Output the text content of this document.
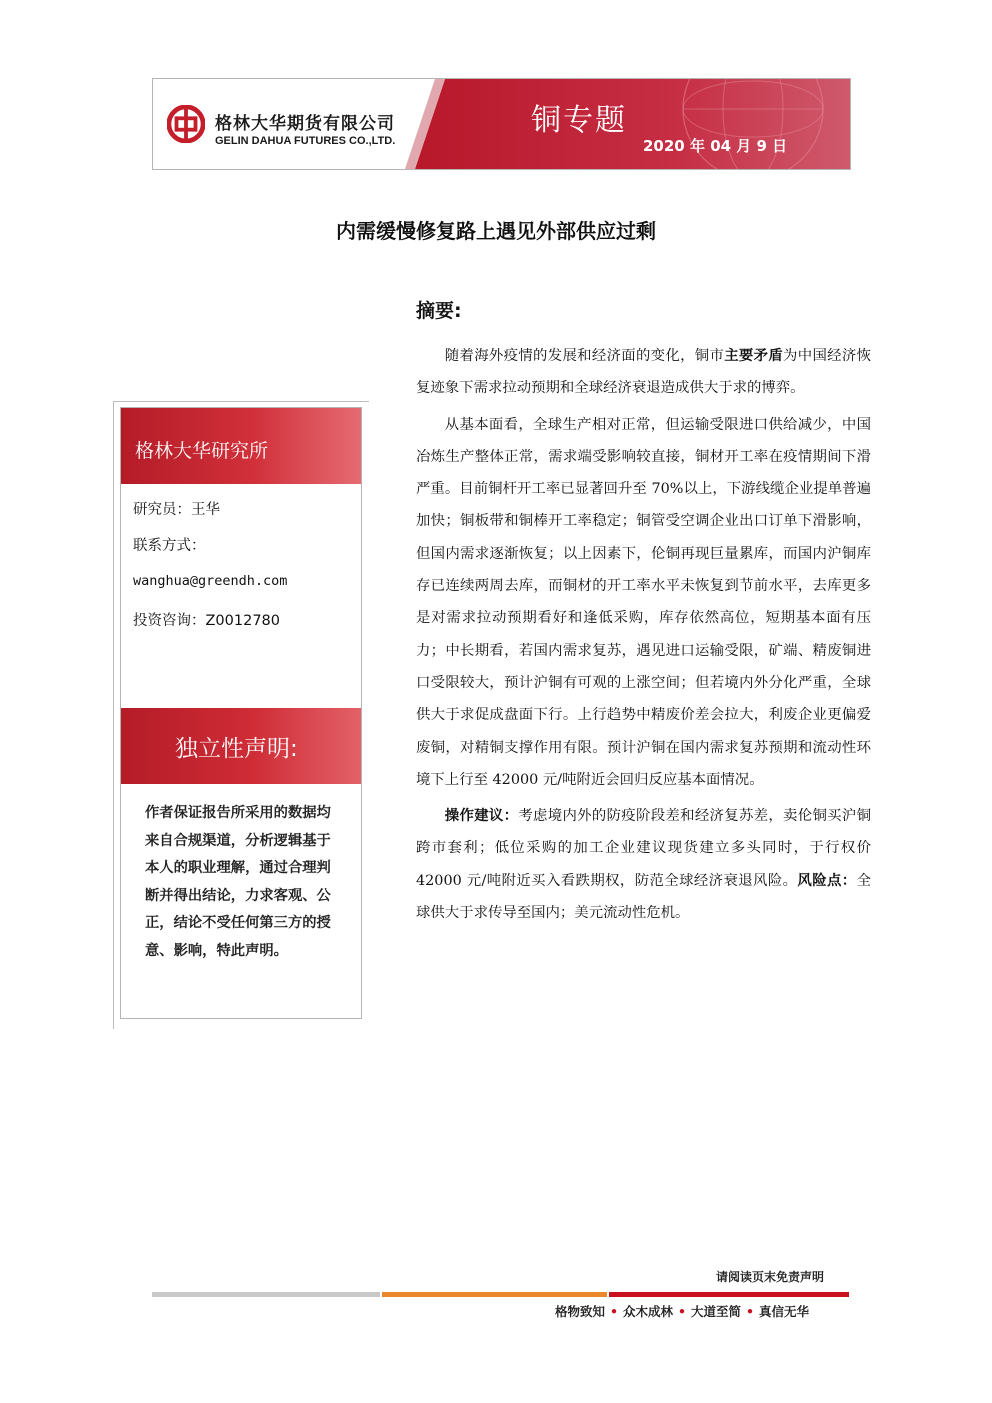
格林大华期货有限公司
GELIN DAHUA FUTURES CO.,LTD.
铜专题
2020 年 04 月 9 日
内需缓慢修复路上遇见外部供应过剩
摘要:

随着海外疫情的发展和经济面的变化，铜市主要矛盾为中国经济恢复迹象下需求拉动预期和全球经济衰退造成供大于求的博弈。

从基本面看，全球生产相对正常，但运输受限进口供给减少，中国冶炼生产整体正常，需求端受影响较直接，铜材开工率在疫情期间下滑严重。目前铜杆开工率已显著回升至 70%以上，下游线缆企业提单普遍加快；铜板带和铜棒开工率稳定；铜管受空调企业出口订单下滑影响，但国内需求逐渐恢复；以上因素下，伦铜再现巨量累库，而国内沪铜库存已连续两周去库，而铜材的开工率水平未恢复到节前水平，去库更多是对需求拉动预期看好和逢低采购，库存依然高位，短期基本面有压力；中长期看，若国内需求复苏，遇见进口运输受限，矿端、精废铜进口受限较大，预计沪铜有可观的上涨空间；但若境内外分化严重，全球供大于求促成盘面下行。上行趋势中精废价差会拉大，利废企业更偏爱废铜，对精铜支撑作用有限。预计沪铜在国内需求复苏预期和流动性环境下上行至 42000 元/吨附近会回归反应基本面情况。

操作建议：考虑境内外的防疫阶段差和经济复苏差，卖伦铜买沪铜跨市套利；低位采购的加工企业建议现货建立多头同时，于行权价 42000 元/吨附近买入看跌期权，防范全球经济衰退风险。风险点：全球供大于求传导至国内；美元流动性危机。

格林大华研究所
研究员：王华
联系方式：
wanghua@greendh.com
投资咨询：Z0012780
独立性声明:
作者保证报告所采用的数据均来自合规渠道，分析逻辑基于本人的职业理解，通过合理判断并得出结论，力求客观、公正，结论不受任何第三方的授意、影响，特此声明。
请阅读页末免责声明
格物致知 • 众木成林 • 大道至简 • 真信无华
